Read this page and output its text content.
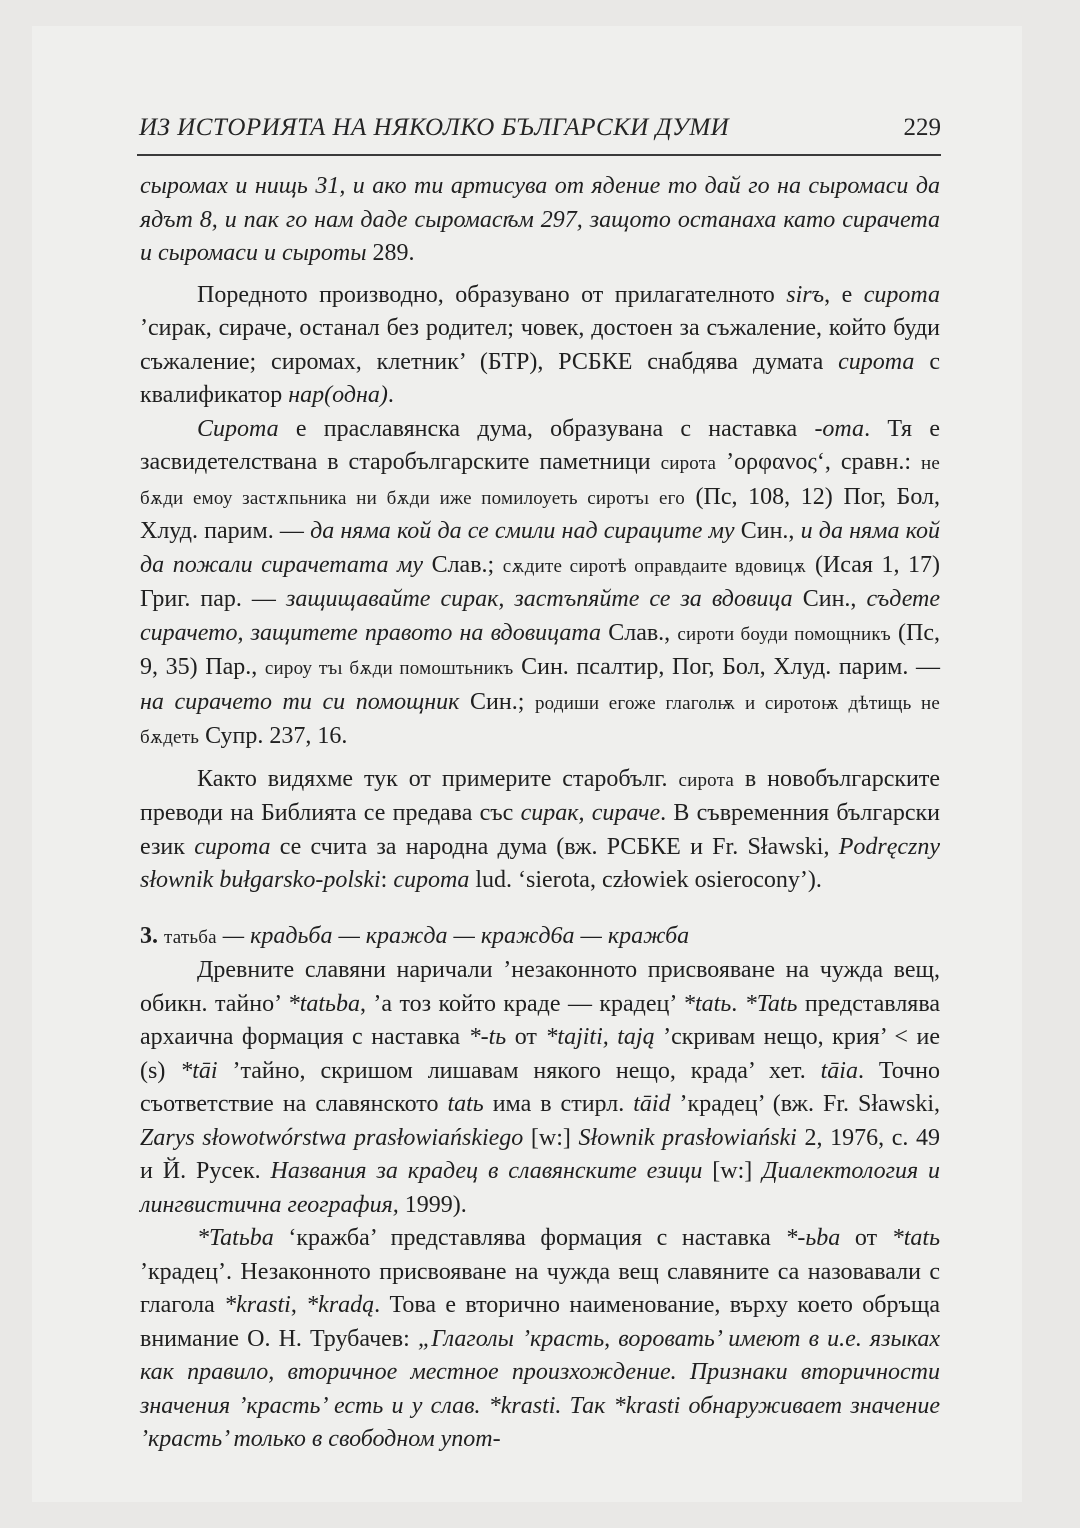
ИЗ ИСТОРИЯТА НА НЯКОЛКО БЪЛГАРСКИ ДУМИ	229

сыромах и нищь 31, и ако ти артисува от ядение то дай го на сыромаси да ядът 8, и пак го нам даде сыромасѣм 297, защото останаха като сирачета и сыромаси и сыроты 289.

Поредното производно, образувано от прилагателното sirъ, е сирота ’сирак, сираче, останал без родител; човек, достоен за съжаление, който буди съжаление; сиромах, клетник’ (БТР), РСБКЕ снабдява думата сирота с квалификатор нар(одна).

Сирота е праславянска дума, образувана с наставка -ота. Тя е засвидетелствана в старобългарските паметници сирота ’ορφανος‘, сравн.: не бѫди емоу застѫпьника ни бѫди иже помилоуеть сиротъı его (Пс, 108, 12) Пог, Бол, Хлуд. парим. — да няма кой да се смили над сирацuте му Син., и да няма кой да пожали сирачетата му Слав.; сѫдите сиротѣ оправдаите вдовицѫ (Исая 1, 17) Григ. пар. — защищавайте сирак, застъпяйте се за вдовица Син., съдете сирачето, защитете правото на вдовицата Слав., сироти боуди помощникъ (Пс, 9, 35) Пар., сироу тъı бѫди помоштьникъ Син. псалтир, Пог, Бол, Хлуд. парим. — на сирачето ти си помощник Син.; родиши егоже глаголѭ и сиротоѭ дѣтищь не бѫдеть Супр. 237, 16.

Както видяхме тук от примерите старобълг. сирота в новобългарските преводи на Библията се предава със сирак, сираче. В съвременния български език сирота се счита за народна дума (вж. РСБКЕ и Fr. Sławski, Podręczny słownik bułgarsko-polski: cupoma lud. ‘sierota, człowiek osierocony’).

3. татьба — кpaдьба — кражда — кражд6а — кражба

Древните славяни наричали ’незаконното присвояване на чужда вещ, обикн. тайно’ *tatьba, ’а тоз който краде — крадец’ *tatь. *Tatь представлява архаична формация с наставка *-tь от *tajiti, tają ’скривам нещо, крия’ < ие (s) *tāi ’тайно, скришом лишавам някого нещо, крада’ хет. tāia. Точно съответствие на славянското tatь има в стирл. tāid ’крадец’ (вж. Fr. Sławski, Zarys słowotwórstwa prasłowiańskiego [w:] Słownik prasłowiański 2, 1976, с. 49 и Й. Русек. Названия за крадец в славянските езици [w:] Диалектология и лингвистична география, 1999).

*Tatьba ‘кражба’ представлява формация с наставка *-ьba от *tatь ’крадец’. Незаконното присвояване на чужда вещ славяните са назовавали с глагола *krasti, *kradą. Това е вторично наименование, върху което обръща внимание О. Н. Трубачев: „Глаголы ’красть, воровать’ имеют в и.е. языках как правило, вторичное местное произхождение. Признаки вторичности значения ’красть’ есть и у слав. *krasti. Так *krasti обнаруживает значение ’красть’ только в свободном упот-
